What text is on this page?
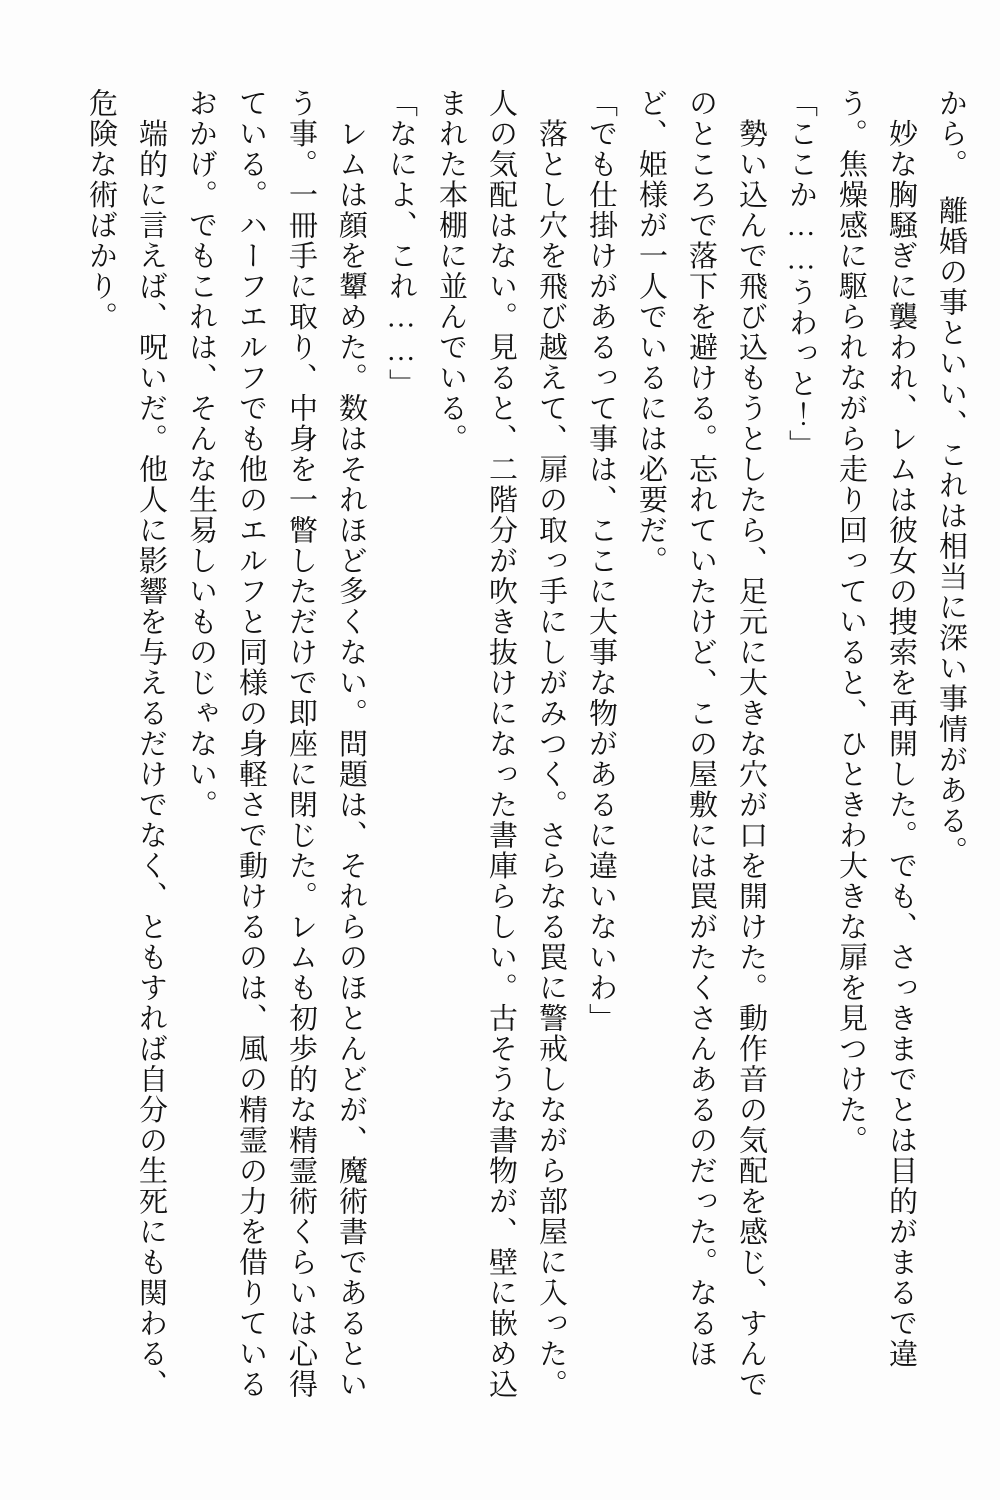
から。　離婚の事といい、これは相当に深い事情がある。
　妙な胸騒ぎに襲われ、レムは彼女の捜索を再開した。でも、さっきまでとは目的がまるで違
う。焦燥感に駆られながら走り回っていると、ひときわ大きな扉を見つけた。
「ここか……うわっと！」
　勢い込んで飛び込もうとしたら、足元に大きな穴が口を開けた。動作音の気配を感じ、すんで
のところで落下を避ける。忘れていたけど、この屋敷には罠がたくさんあるのだった。なるほ
ど、姫様が一人でいるには必要だ。
「でも仕掛けがあるって事は、ここに大事な物があるに違いないわ」
　落とし穴を飛び越えて、扉の取っ手にしがみつく。さらなる罠に警戒しながら部屋に入った。
人の気配はない。見ると、二階分が吹き抜けになった書庫らしい。古そうな書物が、壁に嵌め込
まれた本棚に並んでいる。
「なによ、これ……」
　レムは顔を顰めた。数はそれほど多くない。問題は、それらのほとんどが、魔術書であるとい
う事。一冊手に取り、中身を一瞥しただけで即座に閉じた。レムも初歩的な精霊術くらいは心得
ている。ハーフエルフでも他のエルフと同様の身軽さで動けるのは、風の精霊の力を借りている
おかげ。でもこれは、そんな生易しいものじゃない。
　端的に言えば、呪いだ。他人に影響を与えるだけでなく、ともすれば自分の生死にも関わる、
危険な術ばかり。
